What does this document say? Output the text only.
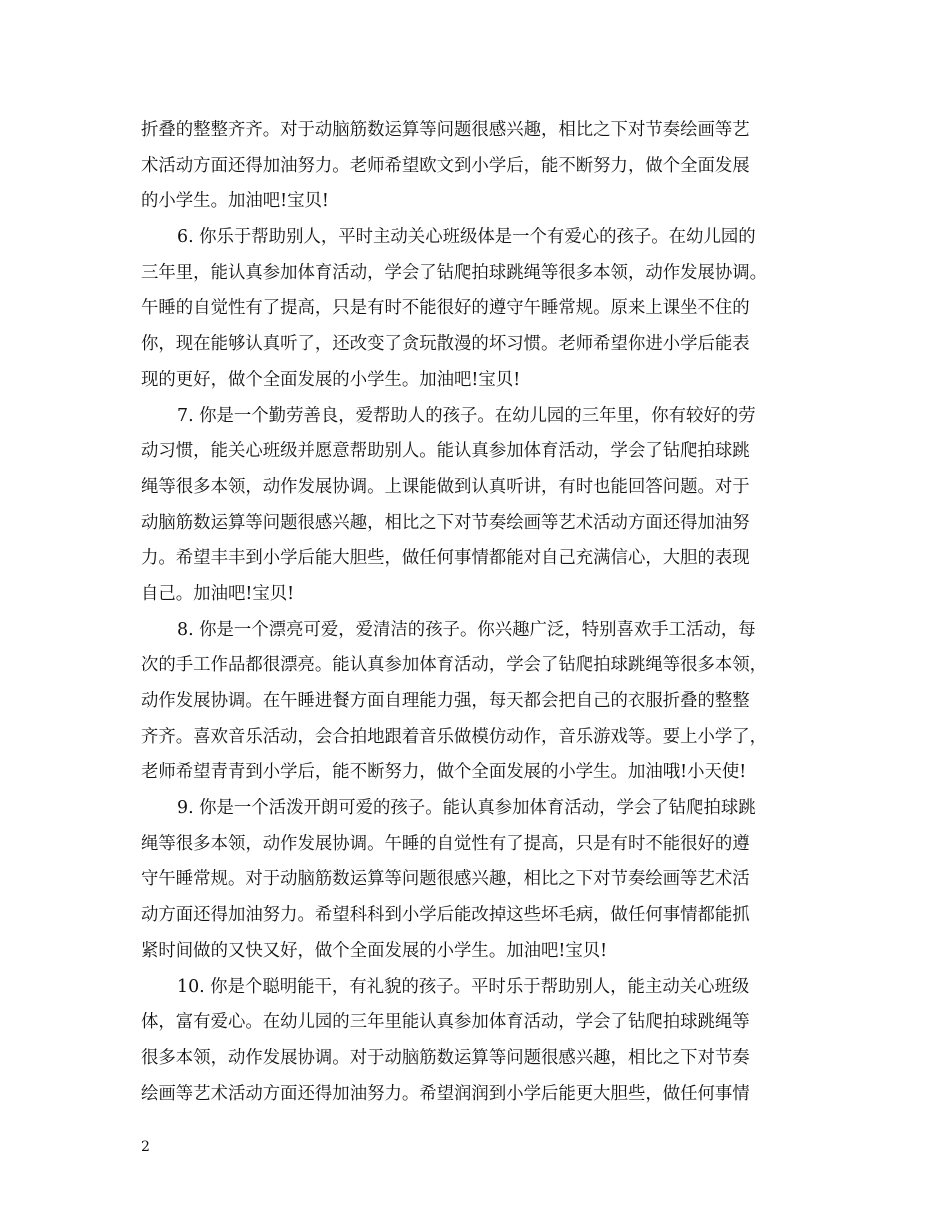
折叠的整整齐齐。对于动脑筋数运算等问题很感兴趣，相比之下对节奏绘画等艺
术活动方面还得加油努力。老师希望欧文到小学后，能不断努力，做个全面发展
的小学生。加油吧!宝贝!
6. 你乐于帮助别人，平时主动关心班级体是一个有爱心的孩子。在幼儿园的
三年里，能认真参加体育活动，学会了钻爬拍球跳绳等很多本领，动作发展协调。
午睡的自觉性有了提高，只是有时不能很好的遵守午睡常规。原来上课坐不住的
你，现在能够认真听了，还改变了贪玩散漫的坏习惯。老师希望你进小学后能表
现的更好，做个全面发展的小学生。加油吧!宝贝!
7. 你是一个勤劳善良，爱帮助人的孩子。在幼儿园的三年里，你有较好的劳
动习惯，能关心班级并愿意帮助别人。能认真参加体育活动，学会了钻爬拍球跳
绳等很多本领，动作发展协调。上课能做到认真听讲，有时也能回答问题。对于
动脑筋数运算等问题很感兴趣，相比之下对节奏绘画等艺术活动方面还得加油努
力。希望丰丰到小学后能大胆些，做任何事情都能对自己充满信心，大胆的表现
自己。加油吧!宝贝!
8. 你是一个漂亮可爱，爱清洁的孩子。你兴趣广泛，特别喜欢手工活动，每
次的手工作品都很漂亮。能认真参加体育活动，学会了钻爬拍球跳绳等很多本领，
动作发展协调。在午睡进餐方面自理能力强，每天都会把自己的衣服折叠的整整
齐齐。喜欢音乐活动，会合拍地跟着音乐做模仿动作，音乐游戏等。要上小学了，
老师希望青青到小学后，能不断努力，做个全面发展的小学生。加油哦!小天使!
9. 你是一个活泼开朗可爱的孩子。能认真参加体育活动，学会了钻爬拍球跳
绳等很多本领，动作发展协调。午睡的自觉性有了提高，只是有时不能很好的遵
守午睡常规。对于动脑筋数运算等问题很感兴趣，相比之下对节奏绘画等艺术活
动方面还得加油努力。希望科科到小学后能改掉这些坏毛病，做任何事情都能抓
紧时间做的又快又好，做个全面发展的小学生。加油吧!宝贝!
10. 你是个聪明能干，有礼貌的孩子。平时乐于帮助别人，能主动关心班级
体，富有爱心。在幼儿园的三年里能认真参加体育活动，学会了钻爬拍球跳绳等
很多本领，动作发展协调。对于动脑筋数运算等问题很感兴趣，相比之下对节奏
绘画等艺术活动方面还得加油努力。希望润润到小学后能更大胆些，做任何事情
2
